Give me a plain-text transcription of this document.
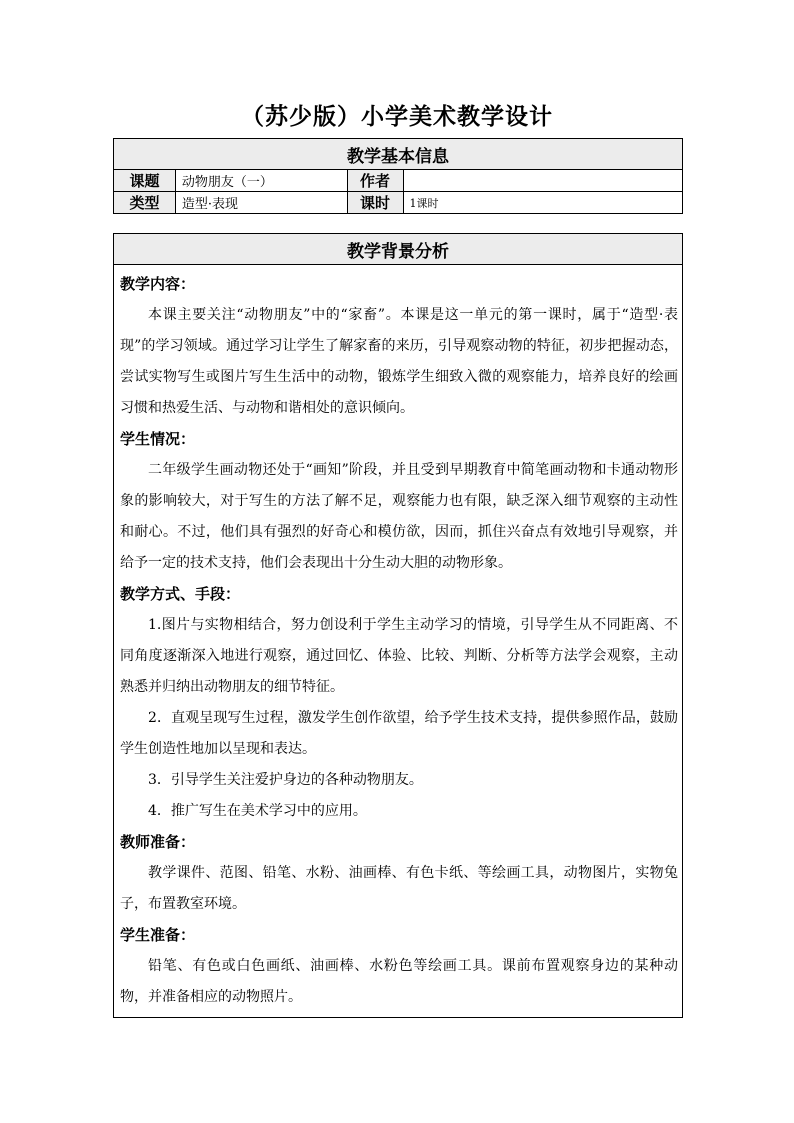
（苏少版）小学美术教学设计
教学基本信息			
课题	动物朋友（一）	作者	
类型	造型·表现	课时	1课时
教学背景分析

教学内容：

本课主要关注“动物朋友”中的“家畜”。本课是这一单元的第一课时，属于“造型·表现”的学习领域。通过学习让学生了解家畜的来历，引导观察动物的特征，初步把握动态，尝试实物写生或图片写生生活中的动物，锻炼学生细致入微的观察能力，培养良好的绘画习惯和热爱生活、与动物和谐相处的意识倾向。

学生情况：

二年级学生画动物还处于“画知”阶段，并且受到早期教育中简笔画动物和卡通动物形象的影响较大，对于写生的方法了解不足，观察能力也有限，缺乏深入细节观察的主动性和耐心。不过，他们具有强烈的好奇心和模仿欲，因而，抓住兴奋点有效地引导观察，并给予一定的技术支持，他们会表现出十分生动大胆的动物形象。

教学方式、手段：

1.图片与实物相结合，努力创设利于学生主动学习的情境，引导学生从不同距离、不同角度逐渐深入地进行观察，通过回忆、体验、比较、判断、分析等方法学会观察，主动熟悉并归纳出动物朋友的细节特征。

2．直观呈现写生过程，激发学生创作欲望，给予学生技术支持，提供参照作品，鼓励学生创造性地加以呈现和表达。

3．引导学生关注爱护身边的各种动物朋友。

4．推广写生在美术学习中的应用。

教师准备：

教学课件、范图、铅笔、水粉、油画棒、有色卡纸、等绘画工具，动物图片，实物兔子，布置教室环境。

学生准备：

铅笔、有色或白色画纸、油画棒、水粉色等绘画工具。课前布置观察身边的某种动物，并准备相应的动物照片。
